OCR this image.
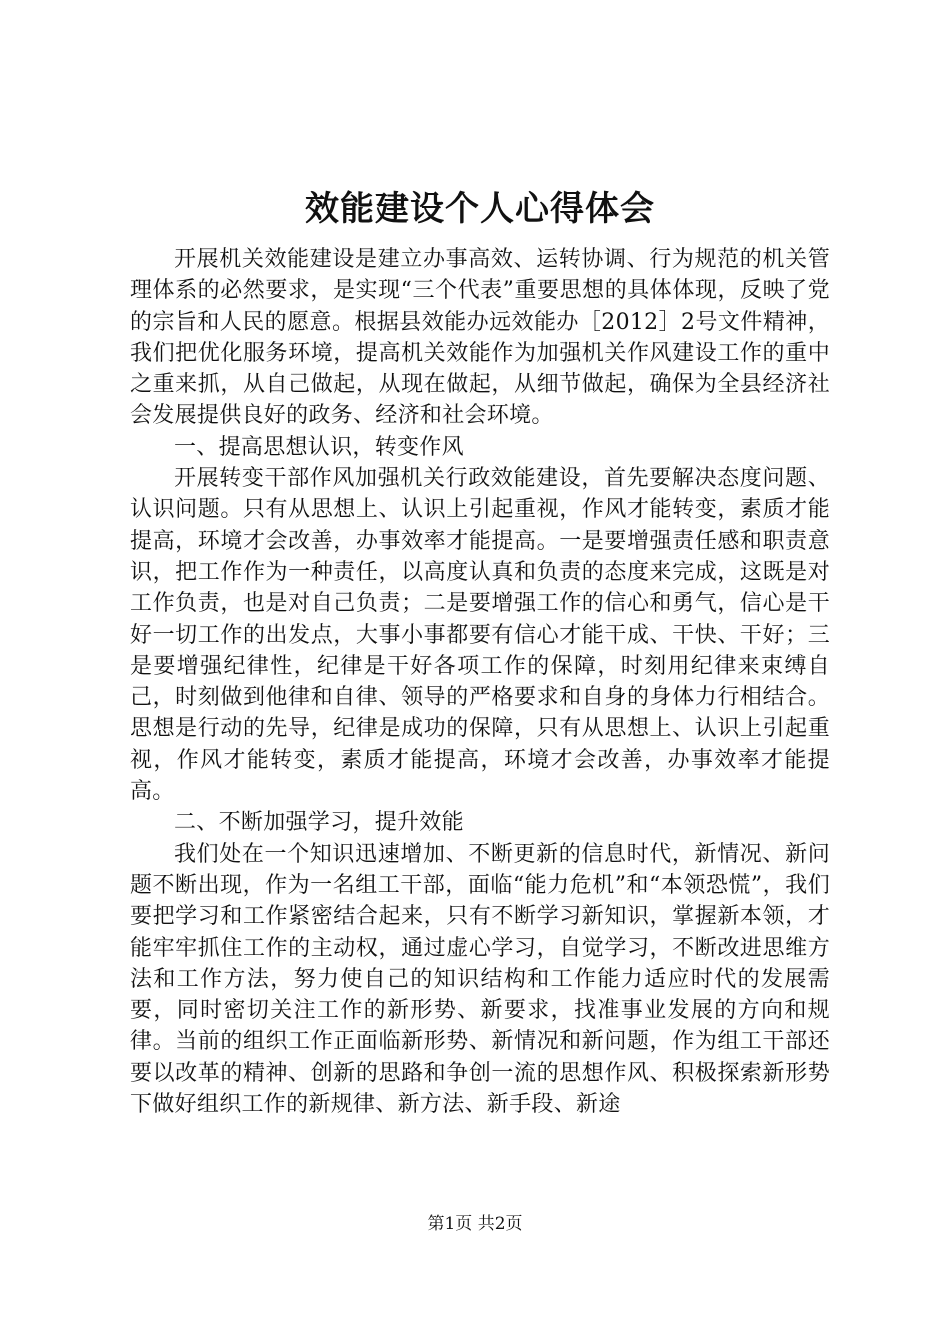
效能建设个人心得体会

开展机关效能建设是建立办事高效、运转协调、行为规范的机关管理体系的必然要求，是实现“三个代表”重要思想的具体体现，反映了党的宗旨和人民的愿意。根据县效能办远效能办［2012］2号文件精神，我们把优化服务环境，提高机关效能作为加强机关作风建设工作的重中之重来抓，从自己做起，从现在做起，从细节做起，确保为全县经济社会发展提供良好的政务、经济和社会环境。

一、提高思想认识，转变作风

开展转变干部作风加强机关行政效能建设，首先要解决态度问题、认识问题。只有从思想上、认识上引起重视，作风才能转变，素质才能提高，环境才会改善，办事效率才能提高。一是要增强责任感和职责意识，把工作作为一种责任，以高度认真和负责的态度来完成，这既是对工作负责，也是对自己负责；二是要增强工作的信心和勇气，信心是干好一切工作的出发点，大事小事都要有信心才能干成、干快、干好；三是要增强纪律性，纪律是干好各项工作的保障，时刻用纪律来束缚自己，时刻做到他律和自律、领导的严格要求和自身的身体力行相结合。思想是行动的先导，纪律是成功的保障，只有从思想上、认识上引起重视，作风才能转变，素质才能提高，环境才会改善，办事效率才能提高。

二、不断加强学习，提升效能

我们处在一个知识迅速增加、不断更新的信息时代，新情况、新问题不断出现，作为一名组工干部，面临“能力危机”和“本领恐慌”，我们要把学习和工作紧密结合起来，只有不断学习新知识，掌握新本领，才能牢牢抓住工作的主动权，通过虚心学习，自觉学习，不断改进思维方法和工作方法，努力使自己的知识结构和工作能力适应时代的发展需要，同时密切关注工作的新形势、新要求，找准事业发展的方向和规律。当前的组织工作正面临新形势、新情况和新问题，作为组工干部还要以改革的精神、创新的思路和争创一流的思想作风、积极探索新形势下做好组织工作的新规律、新方法、新手段、新途

第1页 共2页
